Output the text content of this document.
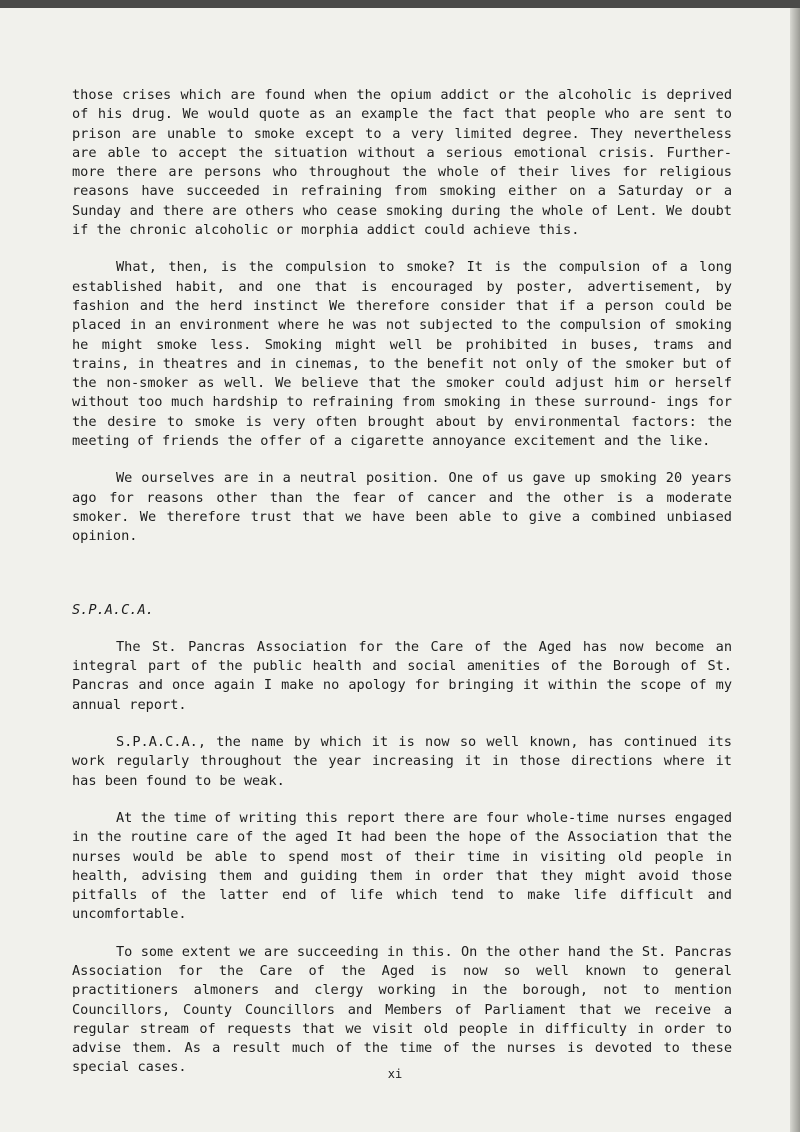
those crises which are found when the opium addict or the alcoholic is deprived of his drug. We would quote as an example the fact that people who are sent to prison are unable to smoke except to a very limited degree. They nevertheless are able to accept the situation without a serious emotional crisis. Further- more there are persons who throughout the whole of their lives for religious reasons have succeeded in refraining from smoking either on a Saturday or a Sunday and there are others who cease smoking during the whole of Lent. We doubt if the chronic alcoholic or morphia addict could achieve this.

What, then, is the compulsion to smoke? It is the compulsion of a long established habit, and one that is encouraged by poster, advertisement, by fashion and the herd instinct We therefore consider that if a person could be placed in an environment where he was not subjected to the compulsion of smoking he might smoke less. Smoking might well be prohibited in buses, trams and trains, in theatres and in cinemas, to the benefit not only of the smoker but of the non-smoker as well. We believe that the smoker could adjust him or herself without too much hardship to refraining from smoking in these surround- ings for the desire to smoke is very often brought about by environmental factors: the meeting of friends the offer of a cigarette annoyance excitement and the like.

We ourselves are in a neutral position. One of us gave up smoking 20 years ago for reasons other than the fear of cancer and the other is a moderate smoker. We therefore trust that we have been able to give a combined unbiased opinion.

S.P.A.C.A.

The St. Pancras Association for the Care of the Aged has now become an integral part of the public health and social amenities of the Borough of St. Pancras and once again I make no apology for bringing it within the scope of my annual report.

S.P.A.C.A., the name by which it is now so well known, has continued its work regularly throughout the year increasing it in those directions where it has been found to be weak.

At the time of writing this report there are four whole-time nurses engaged in the routine care of the aged It had been the hope of the Association that the nurses would be able to spend most of their time in visiting old people in health, advising them and guiding them in order that they might avoid those pitfalls of the latter end of life which tend to make life difficult and uncomfortable.

To some extent we are succeeding in this. On the other hand the St. Pancras Association for the Care of the Aged is now so well known to general practitioners almoners and clergy working in the borough, not to mention Councillors, County Councillors and Members of Parliament that we receive a regular stream of requests that we visit old people in difficulty in order to advise them. As a result much of the time of the nurses is devoted to these special cases.	xi
